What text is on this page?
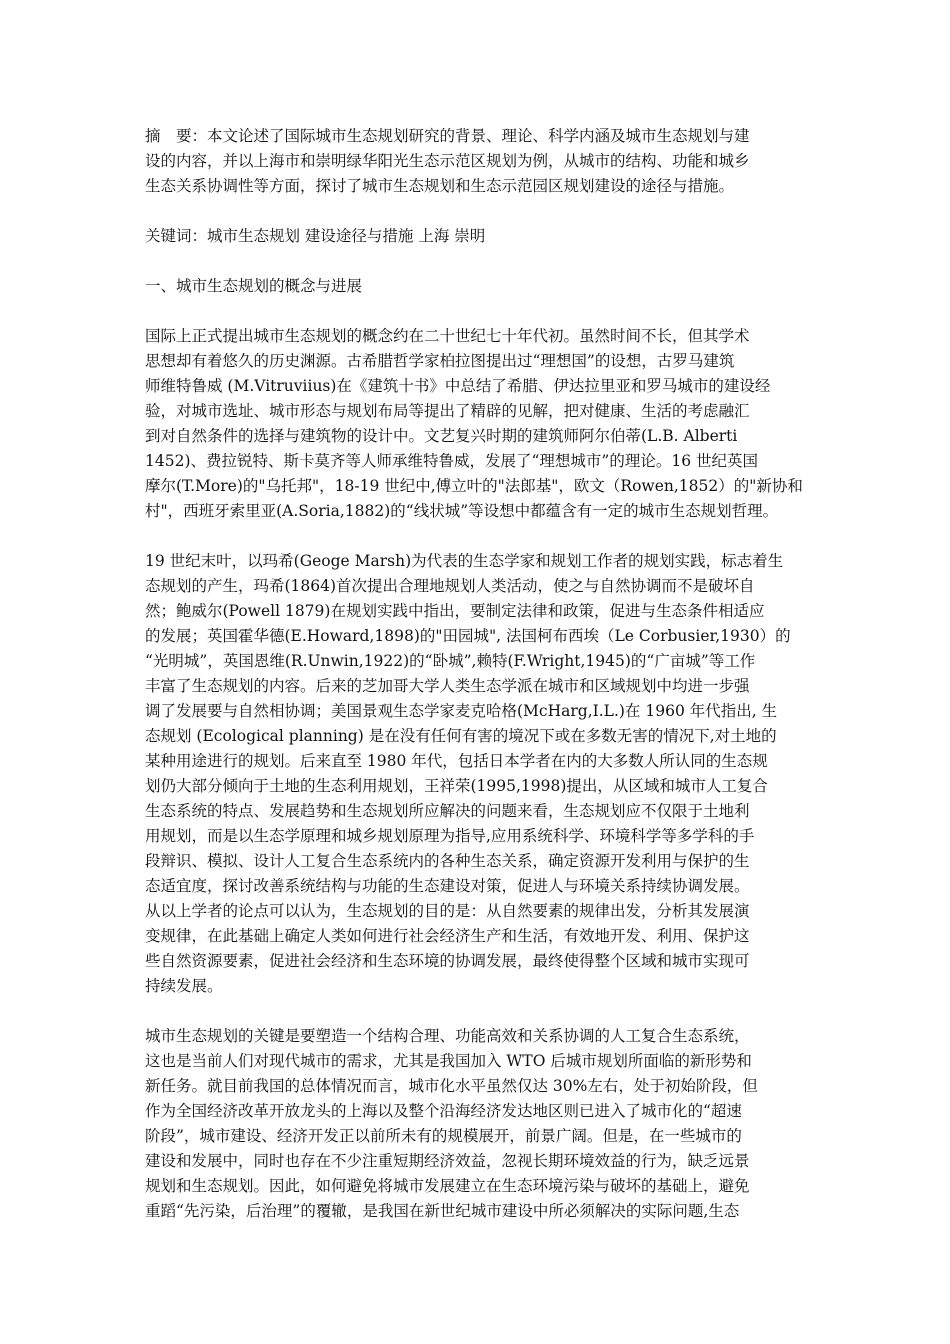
摘　要：本文论述了国际城市生态规划研究的背景、理论、科学内涵及城市生态规划与建
设的内容，并以上海市和崇明绿华阳光生态示范区规划为例，从城市的结构、功能和城乡
生态关系协调性等方面，探讨了城市生态规划和生态示范园区规划建设的途径与措施。
关键词：城市生态规划 建设途径与措施 上海 崇明
一、城市生态规划的概念与进展
国际上正式提出城市生态规划的概念约在二十世纪七十年代初。虽然时间不长，但其学术
思想却有着悠久的历史渊源。古希腊哲学家柏拉图提出过“理想国”的设想，古罗马建筑
师维特鲁威 (M.Vitruviius)在《建筑十书》中总结了希腊、伊达拉里亚和罗马城市的建设经
验，对城市选址、城市形态与规划布局等提出了精辟的见解，把对健康、生活的考虑融汇
到对自然条件的选择与建筑物的设计中。文艺复兴时期的建筑师阿尔伯蒂(L.B. Alberti
1452)、费拉锐特、斯卡莫齐等人师承维特鲁威，发展了“理想城市”的理论。16 世纪英国
摩尔(T.More)的"乌托邦"，18-19 世纪中,傅立叶的"法郎基"，欧文（Rowen,1852）的"新协和
村"，西班牙索里亚(A.Soria,1882)的“线状城”等设想中都蕴含有一定的城市生态规划哲理。
19 世纪末叶，以玛希(Geoge Marsh)为代表的生态学家和规划工作者的规划实践，标志着生
态规划的产生，玛希(1864)首次提出合理地规划人类活动，使之与自然协调而不是破坏自
然；鲍威尔(Powell 1879)在规划实践中指出，要制定法律和政策，促进与生态条件相适应
的发展；英国霍华德(E.Howard,1898)的"田园城", 法国柯布西埃（Le Corbusier,1930）的
“光明城”，英国恩维(R.Unwin,1922)的“卧城”,赖特(F.Wright,1945)的“广亩城”等工作
丰富了生态规划的内容。后来的芝加哥大学人类生态学派在城市和区域规划中均进一步强
调了发展要与自然相协调；美国景观生态学家麦克哈格(McHarg,I.L.)在 1960 年代指出, 生
态规划 (Ecological planning) 是在没有任何有害的境况下或在多数无害的情况下,对土地的
某种用途进行的规划。后来直至 1980 年代，包括日本学者在内的大多数人所认同的生态规
划仍大部分倾向于土地的生态利用规划，王祥荣(1995,1998)提出，从区域和城市人工复合
生态系统的特点、发展趋势和生态规划所应解决的问题来看，生态规划应不仅限于土地利
用规划，而是以生态学原理和城乡规划原理为指导,应用系统科学、环境科学等多学科的手
段辩识、模拟、设计人工复合生态系统内的各种生态关系，确定资源开发利用与保护的生
态适宜度，探讨改善系统结构与功能的生态建设对策，促进人与环境关系持续协调发展。
从以上学者的论点可以认为，生态规划的目的是：从自然要素的规律出发，分析其发展演
变规律，在此基础上确定人类如何进行社会经济生产和生活，有效地开发、利用、保护这
些自然资源要素，促进社会经济和生态环境的协调发展，最终使得整个区域和城市实现可
持续发展。
城市生态规划的关键是要塑造一个结构合理、功能高效和关系协调的人工复合生态系统，
这也是当前人们对现代城市的需求，尤其是我国加入 WTO 后城市规划所面临的新形势和
新任务。就目前我国的总体情况而言，城市化水平虽然仅达 30%左右，处于初始阶段，但
作为全国经济改革开放龙头的上海以及整个沿海经济发达地区则已进入了城市化的“超速
阶段”，城市建设、经济开发正以前所未有的规模展开，前景广阔。但是，在一些城市的
建设和发展中，同时也存在不少注重短期经济效益，忽视长期环境效益的行为，缺乏远景
规划和生态规划。因此，如何避免将城市发展建立在生态环境污染与破坏的基础上，避免
重蹈“先污染，后治理”的覆辙，是我国在新世纪城市建设中所必须解决的实际问题,生态
